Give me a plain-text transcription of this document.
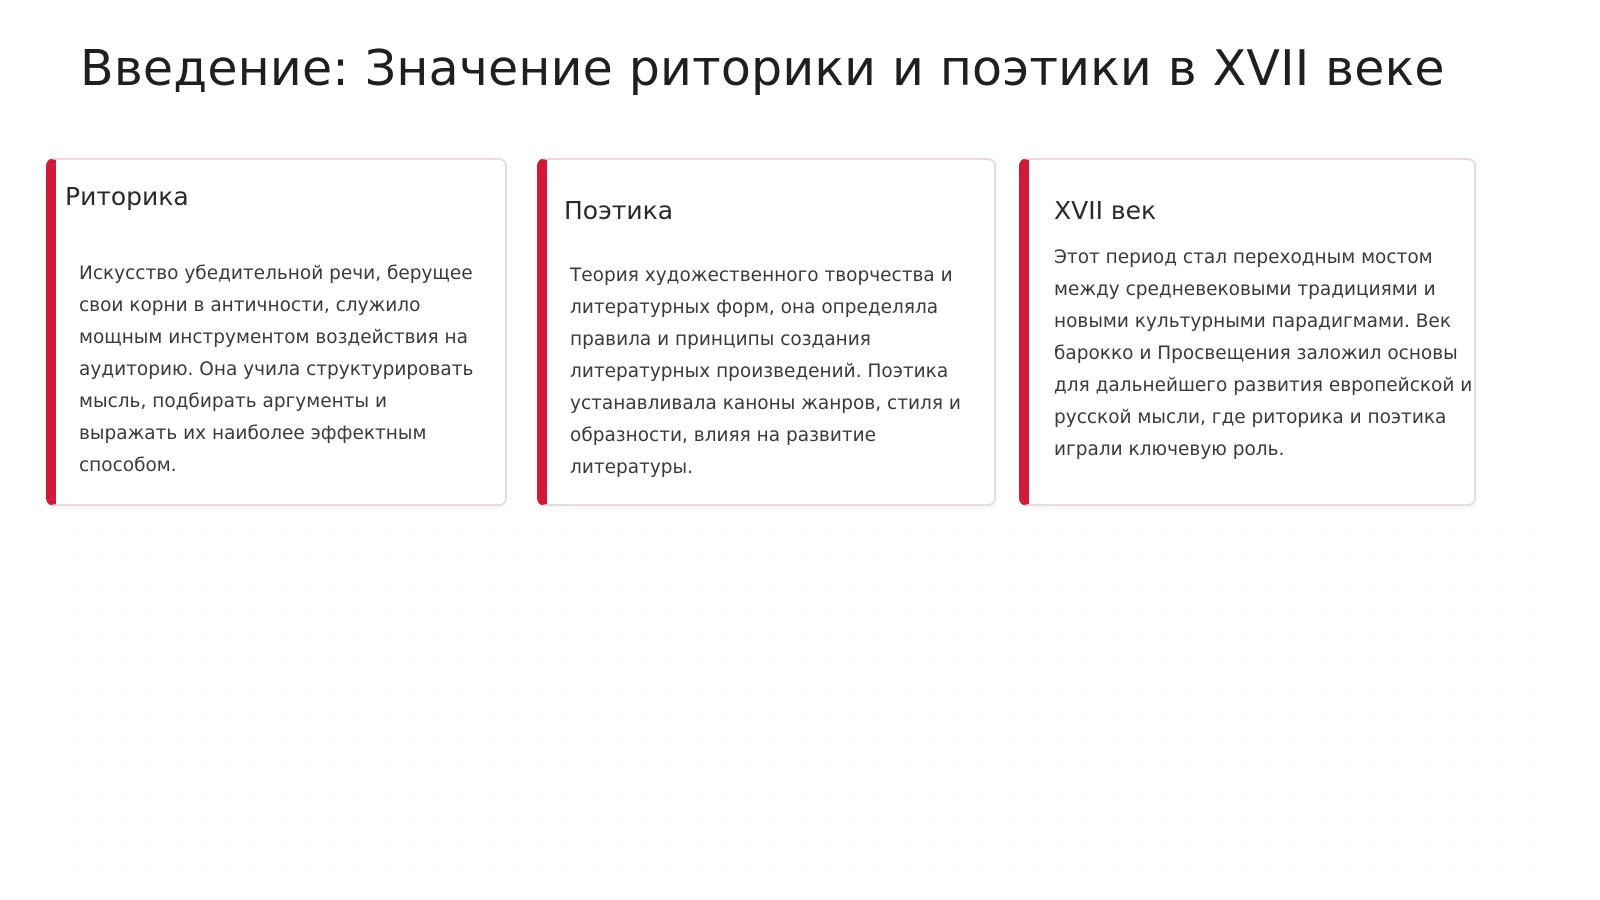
Введение: Значение риторики и поэтики в XVII веке
Риторика

Искусство убедительной речи, берущее свои корни в античности, служило мощным инструментом воздействия на аудиторию. Она учила структурировать мысль, подбирать аргументы и выражать их наиболее эффектным способом.

Поэтика

Теория художественного творчества и литературных форм, она определяла правила и принципы создания литературных произведений. Поэтика устанавливала каноны жанров, стиля и образности, влияя на развитие литературы.

XVII век

Этот период стал переходным мостом между средневековыми традициями и новыми культурными парадигмами. Век барокко и Просвещения заложил основы для дальнейшего развития европейской и русской мысли, где риторика и поэтика играли ключевую роль.
